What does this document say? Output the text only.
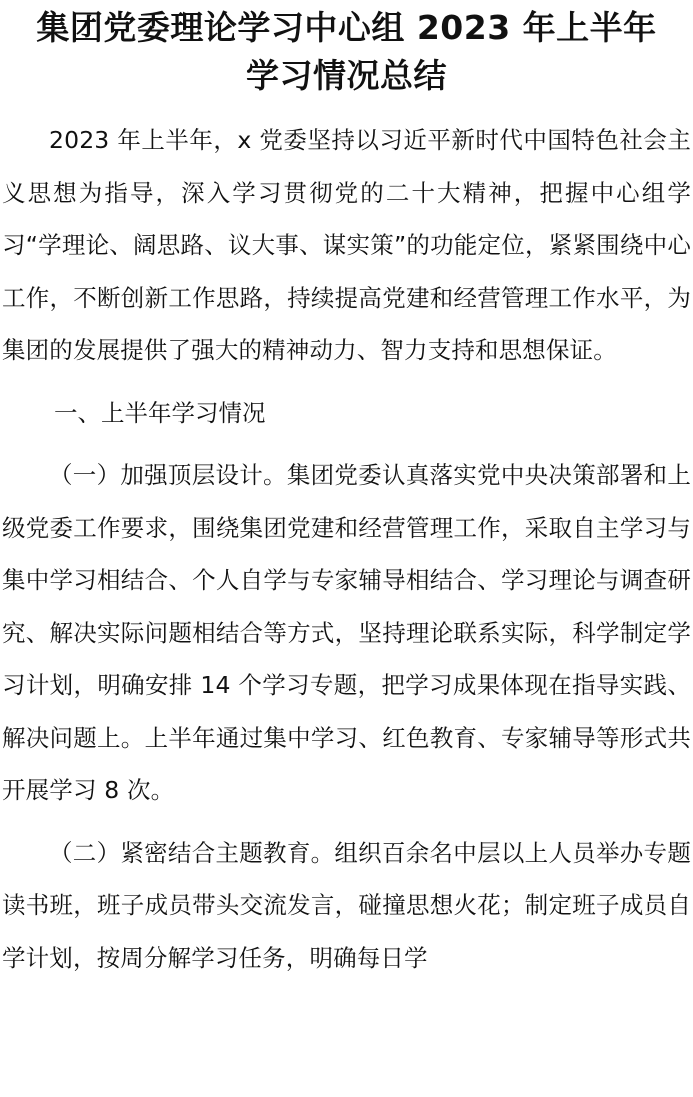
集团党委理论学习中心组 2023 年上半年
学习情况总结

2023 年上半年，x 党委坚持以习近平新时代中国特色社会主义思想为指导，深入学习贯彻党的二十大精神，把握中心组学习“学理论、阔思路、议大事、谋实策”的功能定位，紧紧围绕中心工作，不断创新工作思路，持续提高党建和经营管理工作水平，为集团的发展提供了强大的精神动力、智力支持和思想保证。

一、上半年学习情况

（一）加强顶层设计。集团党委认真落实党中央决策部署和上级党委工作要求，围绕集团党建和经营管理工作，采取自主学习与集中学习相结合、个人自学与专家辅导相结合、学习理论与调查研究、解决实际问题相结合等方式，坚持理论联系实际，科学制定学习计划，明确安排 14 个学习专题，把学习成果体现在指导实践、解决问题上。上半年通过集中学习、红色教育、专家辅导等形式共开展学习 8 次。

（二）紧密结合主题教育。组织百余名中层以上人员举办专题读书班，班子成员带头交流发言，碰撞思想火花；制定班子成员自学计划，按周分解学习任务，明确每日学
